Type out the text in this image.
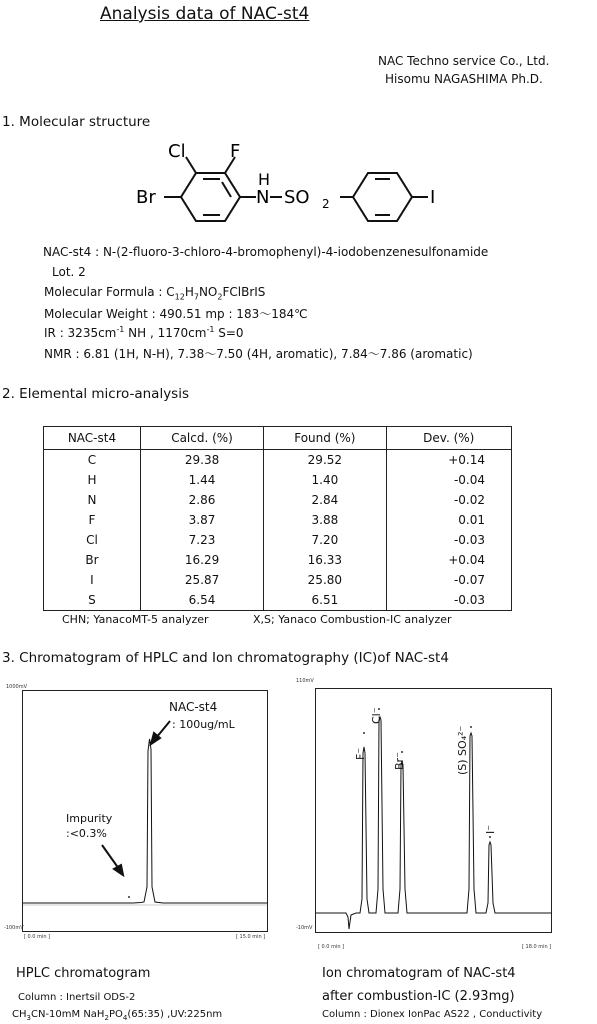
Analysis data of NAC-st4
NAC Techno service Co., Ltd.
Hisomu NAGASHIMA Ph.D.
1. Molecular structure
Cl F
Br
H
N SO 2	I
NAC-st4 : N-(2-fluoro-3-chloro-4-bromophenyl)-4-iodobenzenesulfonamide
Lot. 2
Molecular Formula : $C_{12}H_7NO_2FClBrIS$
Molecular Weight : 490.51 mp : 183～184℃
IR : $3235cm^{-1}$ NH , $1170cm^{-1}$ S=0
NMR : 6.81 (1H, N-H), 7.38～7.50 (4H, aromatic), 7.84～7.86 (aromatic)
2. Elemental micro-analysis
NAC-st4	Calcd. (%)	Found (%)	Dev. (%)
C	29.38	29.52	+0.14
H	1.44	1.40	-0.04
N	2.86	2.84	-0.02
F	3.87	3.88	0.01
Cl	7.23	7.20	-0.03
Br	16.29	16.33	+0.04
I	25.87	25.80	-0.07
S	6.54	6.51	-0.03
CHN; YanacoMT-5 analyzer	X,S; Yanaco Combustion-IC analyzer
3. Chromatogram of HPLC and Ion chromatography (IC)of NAC-st4
1000mV
-100mV
[ 0.0 min ]	[ 15.0 min ]
NAC-st4
: 100ug/mL
Impurity
:<0.3%
HPLC chromatogram
Column : Inertsil ODS-2
$CH_3CN-10mM$ $NaH_2PO_4(65:35)$ ,UV:225nm
110mV
-10mV
[ 0.0 min ]	[ 18.0 min ]
F⁻
Cl⁻
Br⁻	(S) SO₄²⁻
I⁻
Ion chromatogram of NAC-st4
after combustion-IC (2.93mg)
Column : Dionex IonPac AS22 , Conductivity
